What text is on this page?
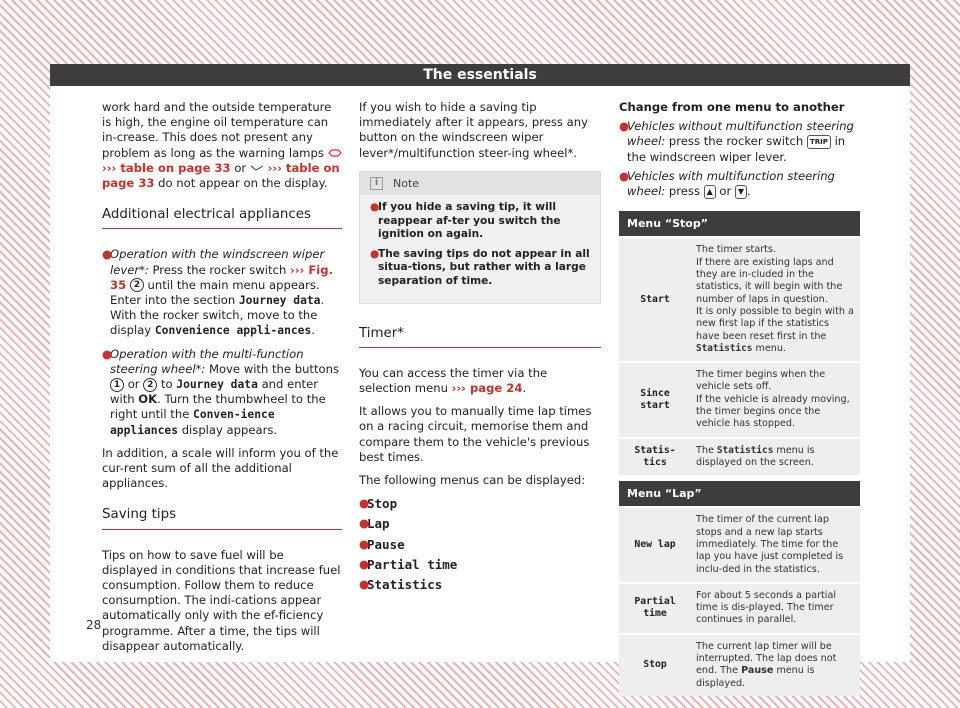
The essentials

work hard and the outside temperature is high, the engine oil temperature can in-crease. This does not present any problem as long as the warning lamps  ››› table on page 33 or ››› table on page 33 do not appear on the display.

Additional electrical appliances
●
Operation with the windscreen wiper lever*: Press the rocker switch ››› Fig. 35 2 until the main menu appears. Enter into the section Journey data. With the rocker switch, move to the display Convenience appli-ances.
●
Operation with the multi-function steering wheel*: Move with the buttons 1 or 2 to Journey data and enter with OK. Turn the thumbwheel to the right until the Conven-ience appliances display appears.

In addition, a scale will inform you of the cur-rent sum of all the additional appliances.

Saving tips

Tips on how to save fuel will be displayed in conditions that increase fuel consumption. Follow them to reduce consumption. The indi-cations appear automatically only with the ef-ficiency programme. After a time, the tips will disappear automatically.

If you wish to hide a saving tip immediately after it appears, press any button on the windscreen wiper lever*/multifunction steer-ing wheel*.

i	Note
●
If you hide a saving tip, it will reappear af-ter you switch the ignition on again.
●
The saving tips do not appear in all situa-tions, but rather with a large separation of time.
Timer*

You can access the timer via the selection menu ››› page 24.

It allows you to manually time lap times on a racing circuit, memorise them and compare them to the vehicle's previous best times.

The following menus can be displayed:

●
Stop
●
Lap
●
Pause
●
Partial time
●
Statistics
Change from one menu to another
●
Vehicles without multifunction steering wheel: press the rocker switch TRIP in the windscreen wiper lever.
●
Vehicles with multifunction steering wheel: press ▲ or ▼ .
Menu “Stop”	
Start	The timer starts.
If there are existing laps and they are in-cluded in the statistics, it will begin with the number of laps in question.
It is only possible to begin with a new first lap if the statistics have been reset first in the Statistics menu.
Since start	The timer begins when the vehicle sets off.
If the vehicle is already moving, the timer begins once the vehicle has stopped.
Statis-tics	The Statistics menu is displayed on the screen.
Menu “Lap”	
New lap	The timer of the current lap stops and a new lap starts immediately. The time for the lap you have just completed is inclu-ded in the statistics.
Partial time	For about 5 seconds a partial time is dis-played. The timer continues in parallel.
Stop	The current lap timer will be interrupted. The lap does not end. The Pause menu is displayed.
28
